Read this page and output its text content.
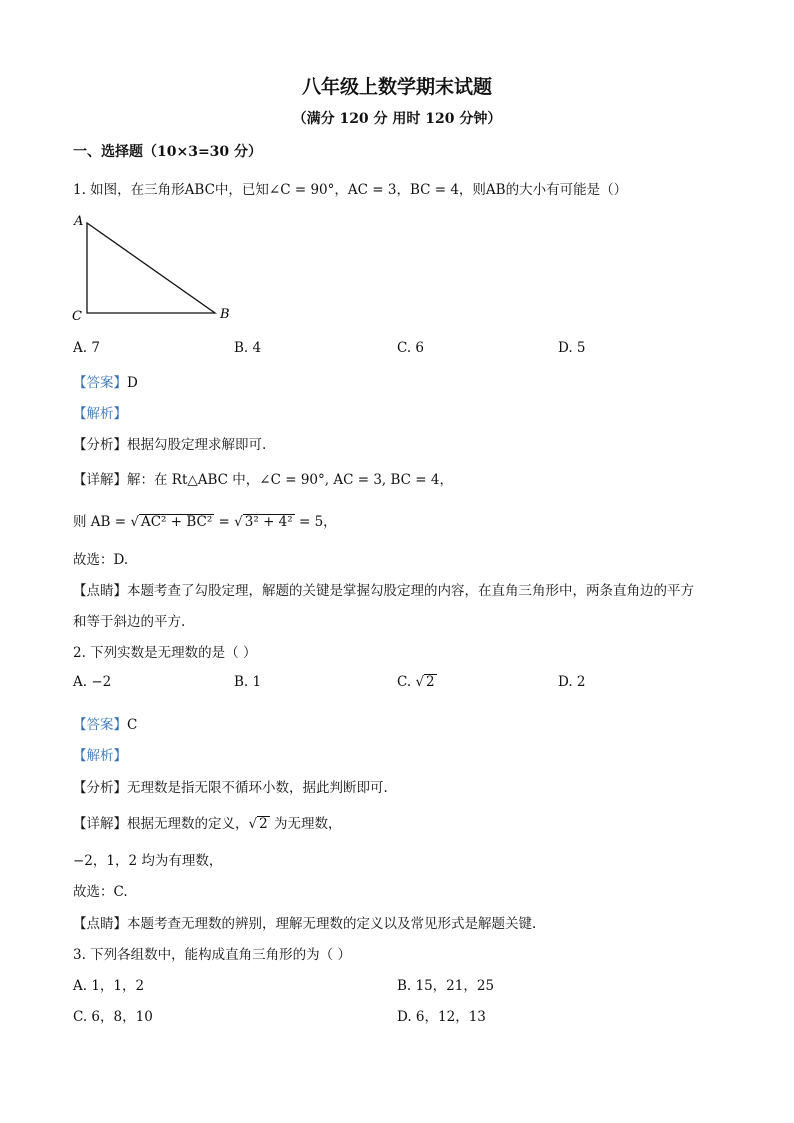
八年级上数学期末试题
（满分 120 分 用时 120 分钟）
一、选择题（10×3=30 分）
1. 如图，在三角形ABC中，已知∠C = 90°，AC = 3，BC = 4，则AB的大小有可能是（）
A
C	B
A. 7	B. 4	C. 6	D. 5
【答案】D
【解析】
【分析】根据勾股定理求解即可.
【详解】解：在 Rt△ABC 中，∠C = 90°, AC = 3, BC = 4，
则 AB = √ AC² + BC² = √ 3² + 4² = 5，
故选：D.
【点睛】本题考查了勾股定理，解题的关键是掌握勾股定理的内容，在直角三角形中，两条直角边的平方
和等于斜边的平方.
2. 下列实数是无理数的是（ ）
A. −2	B. 1	C. √ 2	D. 2
【答案】C
【解析】
【分析】无理数是指无限不循环小数，据此判断即可.
【详解】根据无理数的定义，√ 2 为无理数，
−2，1，2 均为有理数，
故选：C.
【点睛】本题考查无理数的辨别，理解无理数的定义以及常见形式是解题关键.
3. 下列各组数中，能构成直角三角形的为（ ）
A. 1，1，2	B. 15，21，25
C. 6，8，10	D. 6，12，13
